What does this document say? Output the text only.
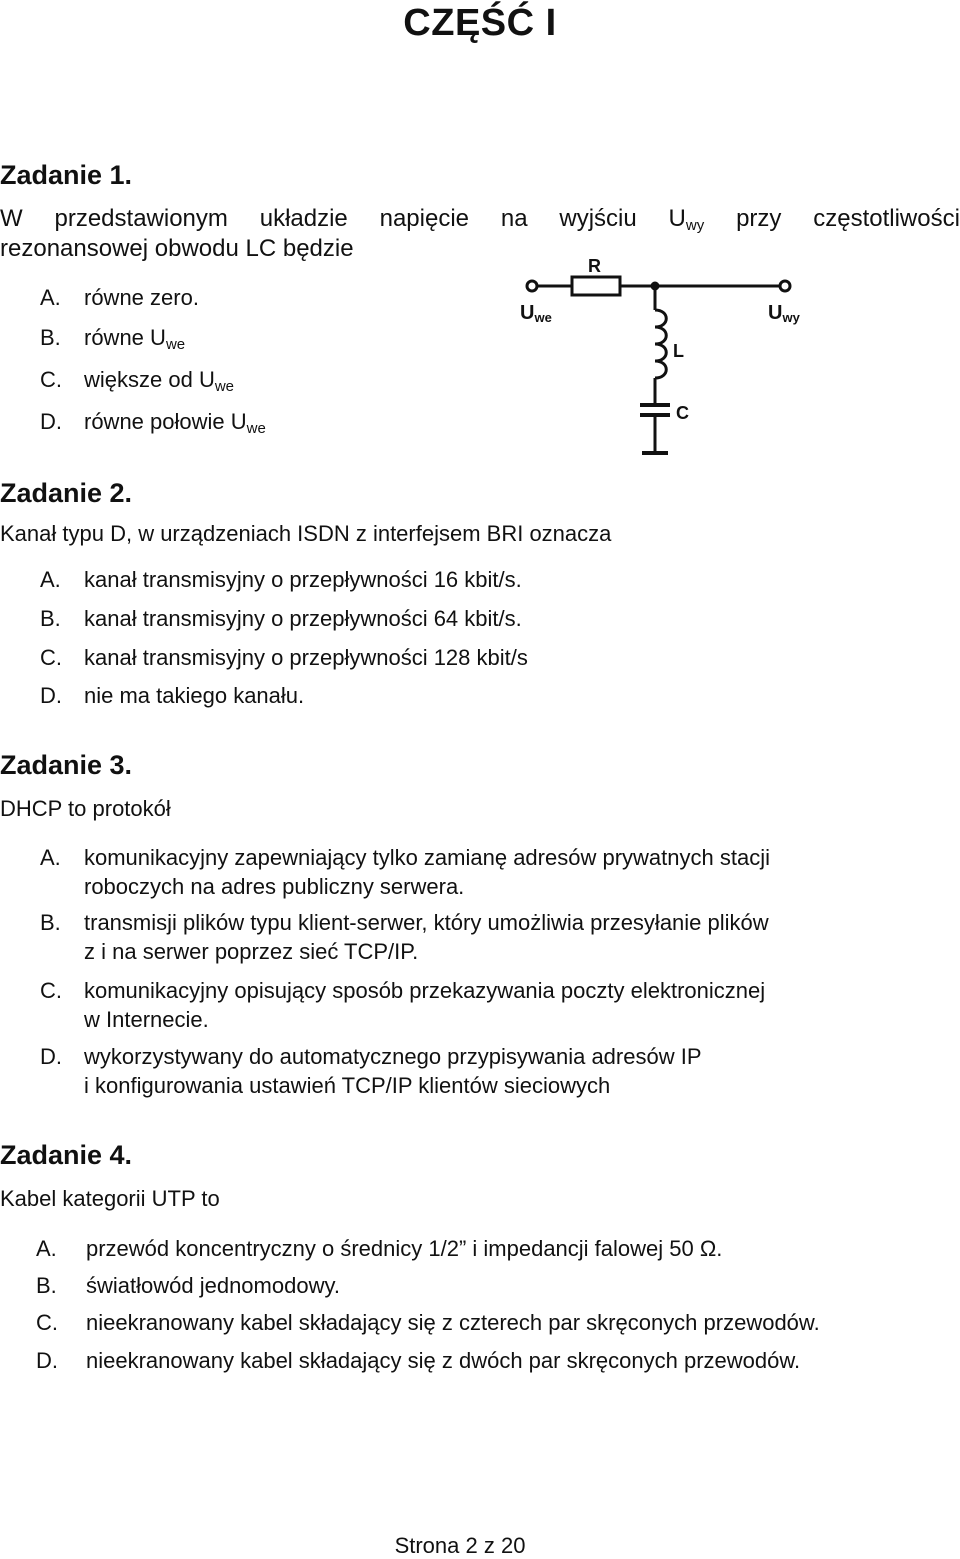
CZĘŚĆ I
Zadanie 1.
W przedstawionym układzie napięcie na wyjściu $U_{wy}$ przy częstotliwości
rezonansowej obwodu LC będzie
A. równe zero.
B. równe $U_{we}$
C. większe od $U_{we}$
D. równe połowie $U_{we}$
R
L
C
Uwe	Uwy
Zadanie 2.
Kanał typu D, w urządzeniach ISDN z interfejsem BRI oznacza
A. kanał transmisyjny o przepływności 16 kbit/s.
B. kanał transmisyjny o przepływności 64 kbit/s.
C. kanał transmisyjny o przepływności 128 kbit/s
D. nie ma takiego kanału.
Zadanie 3.
DHCP to protokół
A. komunikacyjny zapewniający tylko zamianę adresów prywatnych stacji
roboczych na adres publiczny serwera.
B. transmisji plików typu klient-serwer, który umożliwia przesyłanie plików
z i na serwer poprzez sieć TCP/IP.
C. komunikacyjny opisujący sposób przekazywania poczty elektronicznej
w Internecie.
D. wykorzystywany do automatycznego przypisywania adresów IP
i konfigurowania ustawień TCP/IP klientów sieciowych
Zadanie 4.
Kabel kategorii UTP to
A. przewód koncentryczny o średnicy 1/2” i impedancji falowej 50 Ω.
B. światłowód jednomodowy.
C. nieekranowany kabel składający się z czterech par skręconych przewodów.
D. nieekranowany kabel składający się z dwóch par skręconych przewodów.
Strona 2 z 20
